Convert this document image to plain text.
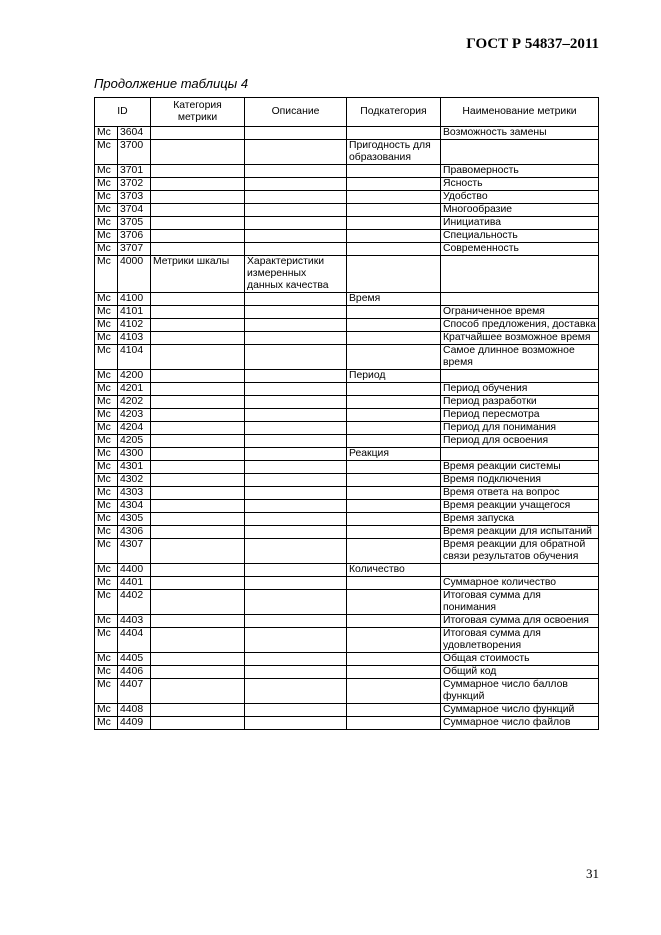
ГОСТ Р 54837–2011
Продолжение таблицы 4
ID		Категория метрики	Описание	Подкатегория	Наименование метрики
Mc	3604				Возможность замены
Mc	3700			Пригодность для образования	
Mc	3701				Правомерность
Mc	3702				Ясность
Mc	3703				Удобство
Mc	3704				Многообразие
Mc	3705				Инициатива
Mc	3706				Специальность
Mc	3707				Современность
Mc	4000	Метрики шкалы	Характеристики измеренных данных качества		
Mc	4100			Время	
Mc	4101				Ограниченное время
Mc	4102				Способ предложения, доставка
Mc	4103				Кратчайшее возможное время
Mc	4104				Самое длинное возможное время
Mc	4200			Период	
Mc	4201				Период обучения
Mc	4202				Период разработки
Mc	4203				Период пересмотра
Mc	4204				Период для понимания
Mc	4205				Период для освоения
Mc	4300			Реакция	
Mc	4301				Время реакции системы
Mc	4302				Время подключения
Mc	4303				Время ответа на вопрос
Mc	4304				Время реакции учащегося
Mc	4305				Время запуска
Mc	4306				Время реакции для испытаний
Mc	4307				Время реакции для обратной связи результатов обучения
Mc	4400			Количество	
Mc	4401				Суммарное количество
Mc	4402				Итоговая сумма для понимания
Mc	4403				Итоговая сумма для освоения
Mc	4404				Итоговая сумма для удовлетворения
Mc	4405				Общая стоимость
Mc	4406				Общий код
Mc	4407				Суммарное число баллов функций
Mc	4408				Суммарное число функций
Mc	4409				Суммарное число файлов
31
